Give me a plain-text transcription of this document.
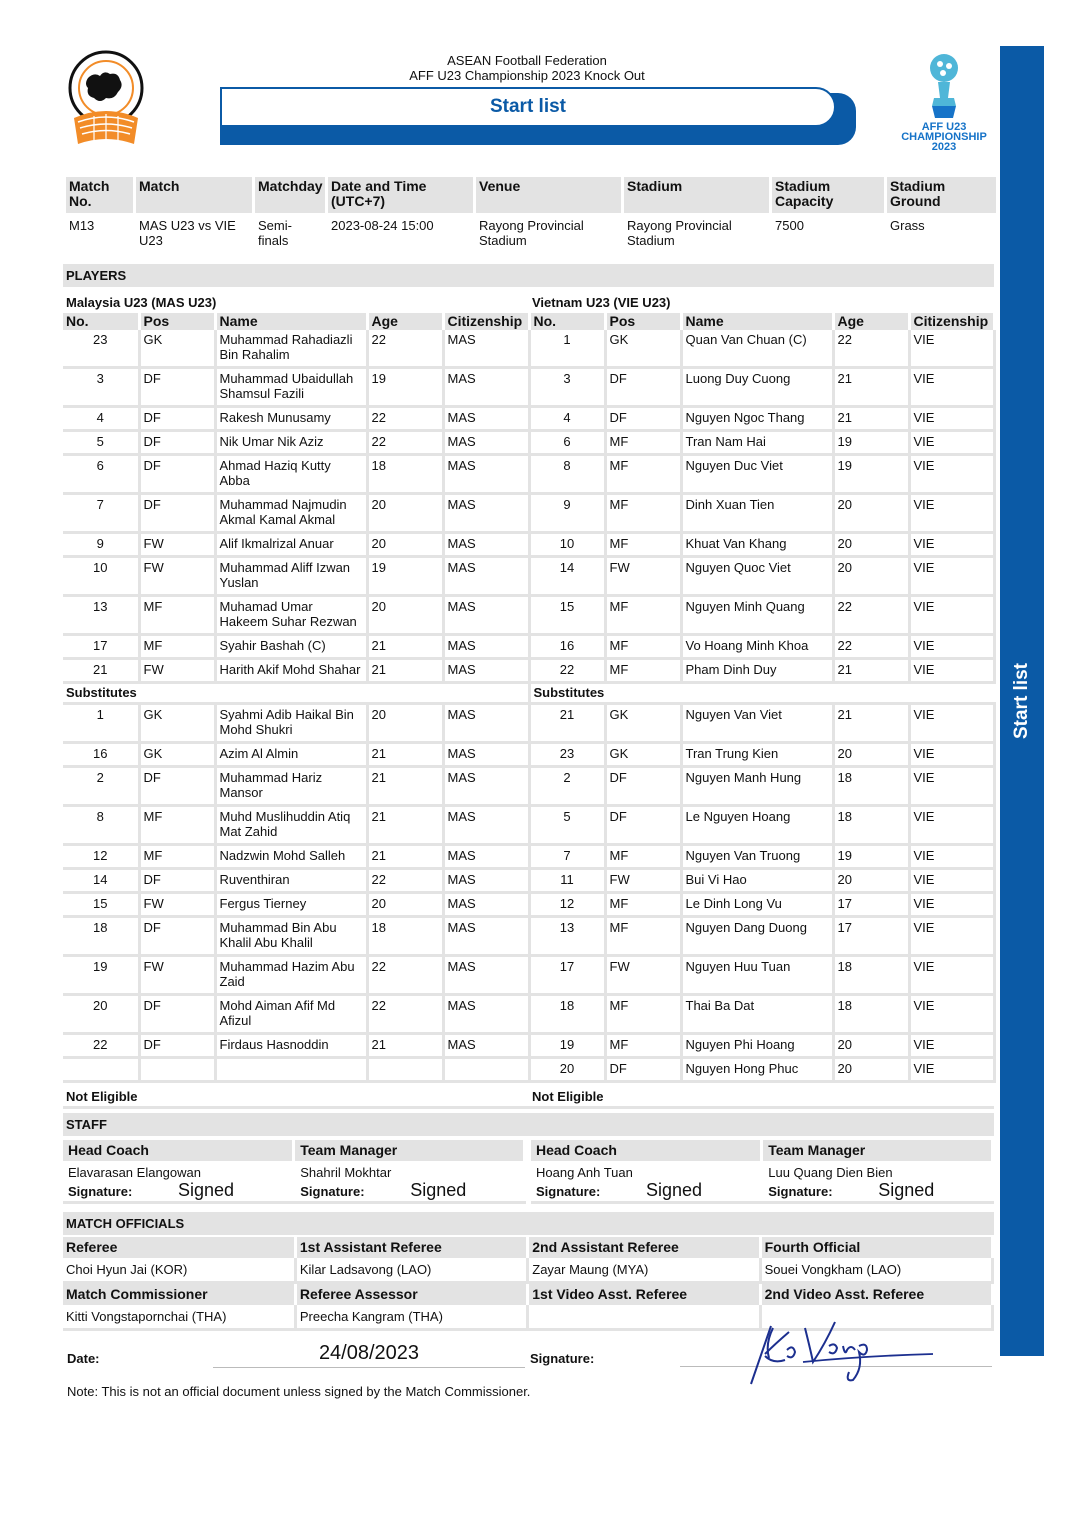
Start list
AFF U23
CHAMPIONSHIP
2023
ASEAN Football Federation
AFF U23 Championship 2023 Knock Out
Start list
Match No.	Match	Matchday	Date and Time (UTC+7)	Venue	Stadium	Stadium Capacity	Stadium Ground
M13	MAS U23 vs VIE U23	Semi-finals	2023-08-24 15:00	Rayong Provincial Stadium	Rayong Provincial Stadium	7500	Grass
PLAYERS
Malaysia U23 (MAS U23)	Vietnam U23 (VIE U23)
No.	Pos	Name	Age	Citizenship	No.	Pos	Name	Age	Citizenship
23	GK	Muhammad Rahadiazli Bin Rahalim	22	MAS	1	GK	Quan Van Chuan (C)	22	VIE
3	DF	Muhammad Ubaidullah Shamsul Fazili	19	MAS	3	DF	Luong Duy Cuong	21	VIE
4	DF	Rakesh Munusamy	22	MAS	4	DF	Nguyen Ngoc Thang	21	VIE
5	DF	Nik Umar Nik Aziz	22	MAS	6	MF	Tran Nam Hai	19	VIE
6	DF	Ahmad Haziq Kutty Abba	18	MAS	8	MF	Nguyen Duc Viet	19	VIE
7	DF	Muhammad Najmudin Akmal Kamal Akmal	20	MAS	9	MF	Dinh Xuan Tien	20	VIE
9	FW	Alif Ikmalrizal Anuar	20	MAS	10	MF	Khuat Van Khang	20	VIE
10	FW	Muhammad Aliff Izwan Yuslan	19	MAS	14	FW	Nguyen Quoc Viet	20	VIE
13	MF	Muhamad Umar Hakeem Suhar Rezwan	20	MAS	15	MF	Nguyen Minh Quang	22	VIE
17	MF	Syahir Bashah (C)	21	MAS	16	MF	Vo Hoang Minh Khoa	22	VIE
21	FW	Harith Akif Mohd Shahar	21	MAS	22	MF	Pham Dinh Duy	21	VIE
Substitutes					Substitutes				
1	GK	Syahmi Adib Haikal Bin Mohd Shukri	20	MAS	21	GK	Nguyen Van Viet	21	VIE
16	GK	Azim Al Almin	21	MAS	23	GK	Tran Trung Kien	20	VIE
2	DF	Muhammad Hariz Mansor	21	MAS	2	DF	Nguyen Manh Hung	18	VIE
8	MF	Muhd Muslihuddin Atiq Mat Zahid	21	MAS	5	DF	Le Nguyen Hoang	18	VIE
12	MF	Nadzwin Mohd Salleh	21	MAS	7	MF	Nguyen Van Truong	19	VIE
14	DF	Ruventhiran	22	MAS	11	FW	Bui Vi Hao	20	VIE
15	FW	Fergus Tierney	20	MAS	12	MF	Le Dinh Long Vu	17	VIE
18	DF	Muhammad Bin Abu Khalil Abu Khalil	18	MAS	13	MF	Nguyen Dang Duong	17	VIE
19	FW	Muhammad Hazim Abu Zaid	22	MAS	17	FW	Nguyen Huu Tuan	18	VIE
20	DF	Mohd Aiman Afif Md Afizul	22	MAS	18	MF	Thai Ba Dat	18	VIE
22	DF	Firdaus Hasnoddin	21	MAS	19	MF	Nguyen Phi Hoang	20	VIE
					20	DF	Nguyen Hong Phuc	20	VIE
Not Eligible	Not Eligible
STAFF
Head Coach	Team Manager
Elavarasan Elangowan	Shahril Mokhtar
Signature: Signed	Signature: Signed
Head Coach	Team Manager
Hoang Anh Tuan	Luu Quang Dien Bien
Signature: Signed	Signature: Signed
MATCH OFFICIALS
Referee	1st Assistant Referee	2nd Assistant Referee	Fourth Official
Choi Hyun Jai (KOR)	Kilar Ladsavong (LAO)	Zayar Maung (MYA)	Souei Vongkham (LAO)
Match Commissioner	Referee Assessor	1st Video Asst. Referee	2nd Video Asst. Referee
Kitti Vongstapornchai (THA)	Preecha Kangram (THA)		
Date:	24/08/2023	Signature:
Note: This is not an official document unless signed by the Match Commissioner.
